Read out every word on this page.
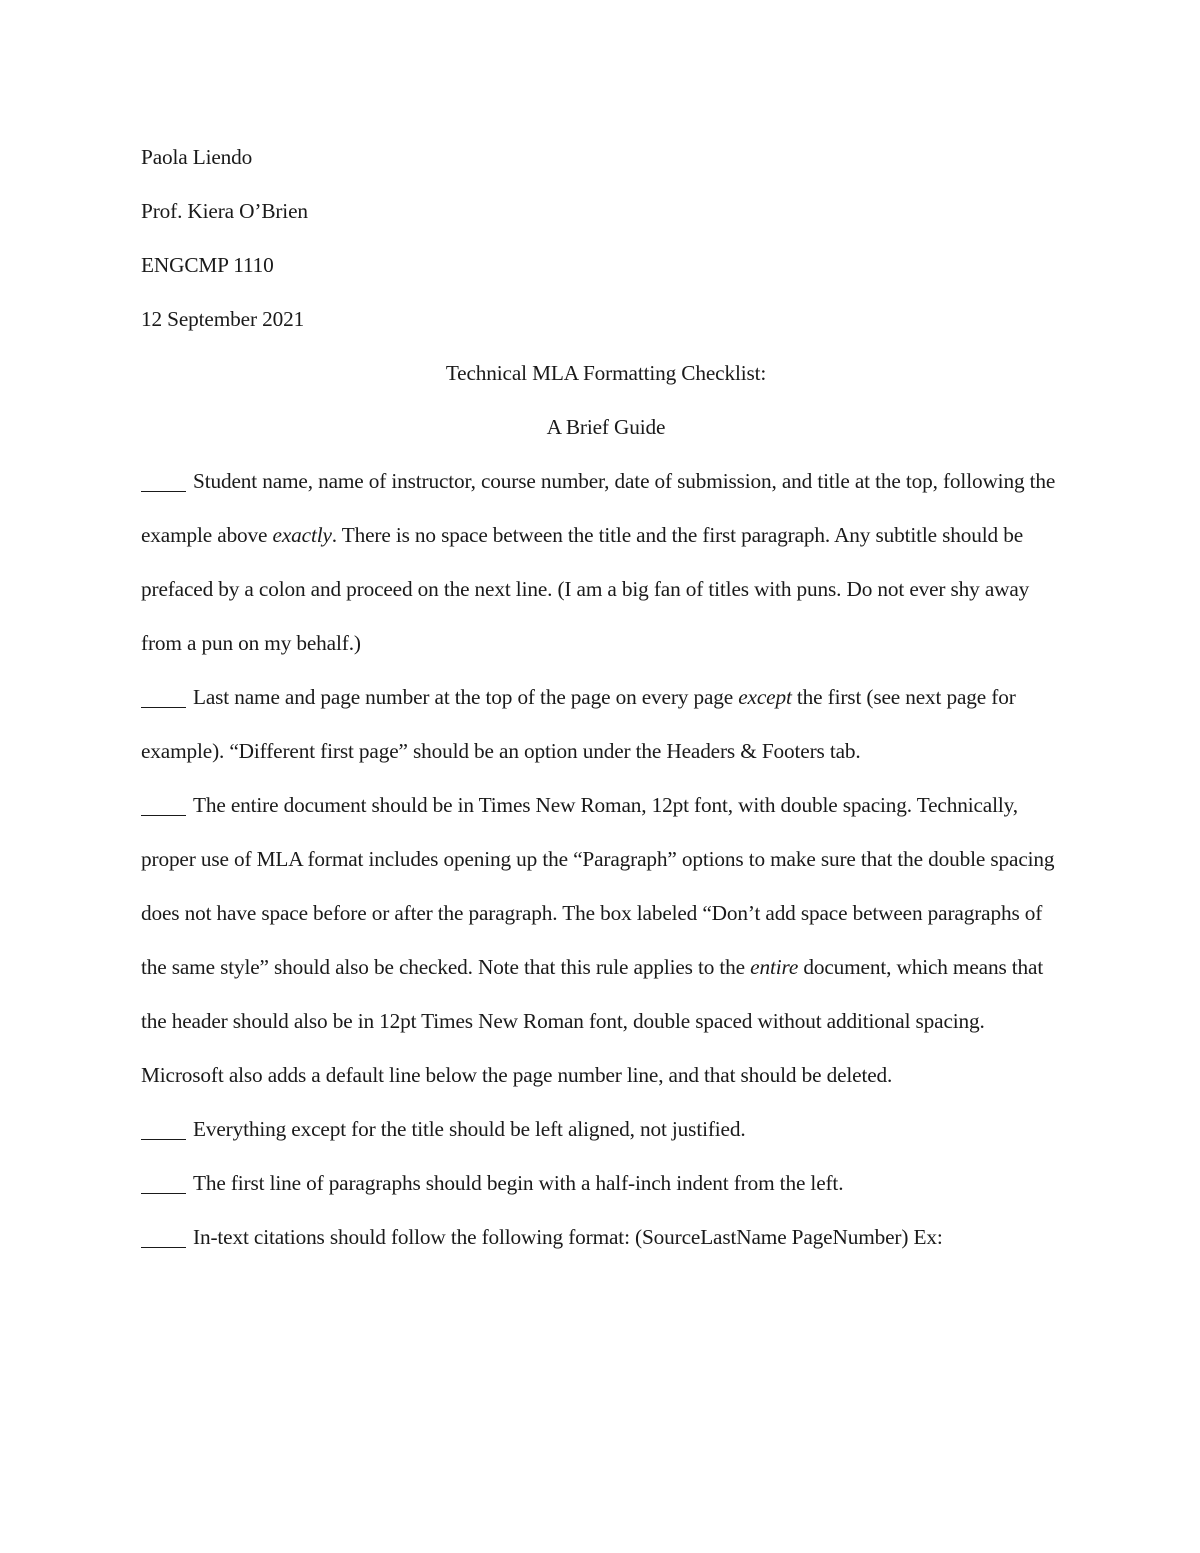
Paola Liendo

Prof. Kiera O’Brien

ENGCMP 1110

12 September 2021

Technical MLA Formatting Checklist:

A Brief Guide

Student name, name of instructor, course number, date of submission, and title at the top, following the example above exactly. There is no space between the title and the first paragraph. Any subtitle should be prefaced by a colon and proceed on the next line. (I am a big fan of titles with puns. Do not ever shy away from a pun on my behalf.)

Last name and page number at the top of the page on every page except the first (see next page for example). “Different first page” should be an option under the Headers & Footers tab.

The entire document should be in Times New Roman, 12pt font, with double spacing. Technically, proper use of MLA format includes opening up the “Paragraph” options to make sure that the double spacing does not have space before or after the paragraph. The box labeled “Don’t add space between paragraphs of the same style” should also be checked. Note that this rule applies to the entire document, which means that the header should also be in 12pt Times New Roman font, double spaced without additional spacing. Microsoft also adds a default line below the page number line, and that should be deleted.

Everything except for the title should be left aligned, not justified.

The first line of paragraphs should begin with a half-inch indent from the left.

In-text citations should follow the following format: (SourceLastName PageNumber) Ex:
